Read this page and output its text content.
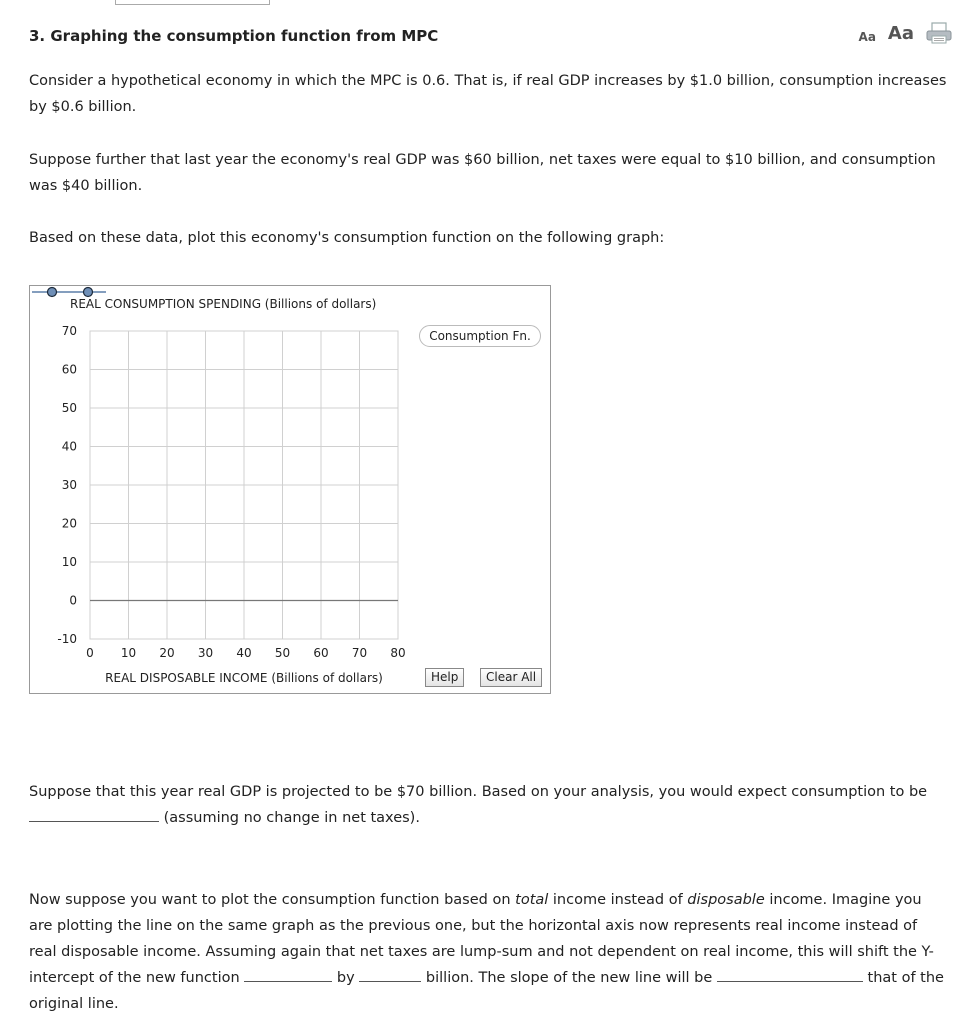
3. Graphing the consumption function from MPC	Aa Aa

Consider a hypothetical economy in which the MPC is 0.6. That is, if real GDP increases by $1.0 billion, consumption increases by $0.6 billion.

Suppose further that last year the economy's real GDP was $60 billion, net taxes were equal to $10 billion, and consumption was $40 billion.

Based on these data, plot this economy's consumption function on the following graph:

0 10 20 30 40 50 60 70 80
70
60
50
40
30
20
10
0
-10
REAL CONSUMPTION SPENDING (Billions of dollars)
REAL DISPOSABLE INCOME (Billions of dollars)
Consumption Fn.
Help	Clear All

Suppose that this year real GDP is projected to be $70 billion. Based on your analysis, you would expect consumption to be  (assuming no change in net taxes).

Now suppose you want to plot the consumption function based on total income instead of disposable income. Imagine you are plotting the line on the same graph as the previous one, but the horizontal axis now represents real income instead of real disposable income. Assuming again that net taxes are lump-sum and not dependent on real income, this will shift the Y-intercept of the new function	by	billion. The slope of the new line will be	that of the original line.
